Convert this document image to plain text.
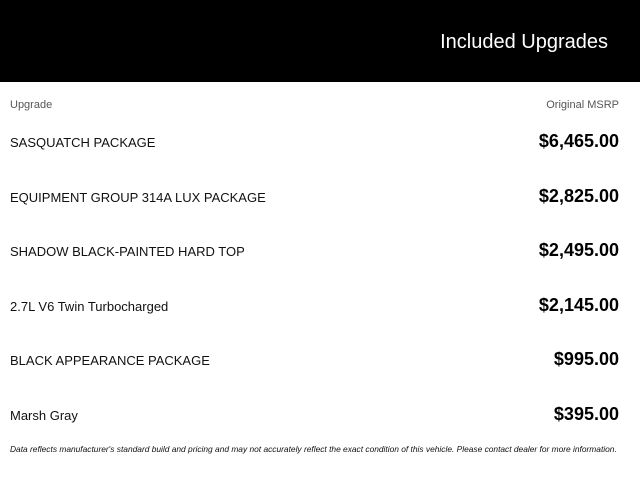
Included Upgrades
Upgrade	Original MSRP
SASQUATCH PACKAGE	$6,465.00
EQUIPMENT GROUP 314A LUX PACKAGE	$2,825.00
SHADOW BLACK-PAINTED HARD TOP	$2,495.00
2.7L V6 Twin Turbocharged	$2,145.00
BLACK APPEARANCE PACKAGE	$995.00
Marsh Gray	$395.00
Data reflects manufacturer's standard build and pricing and may not accurately reflect the exact condition of this vehicle. Please contact dealer for more information.
